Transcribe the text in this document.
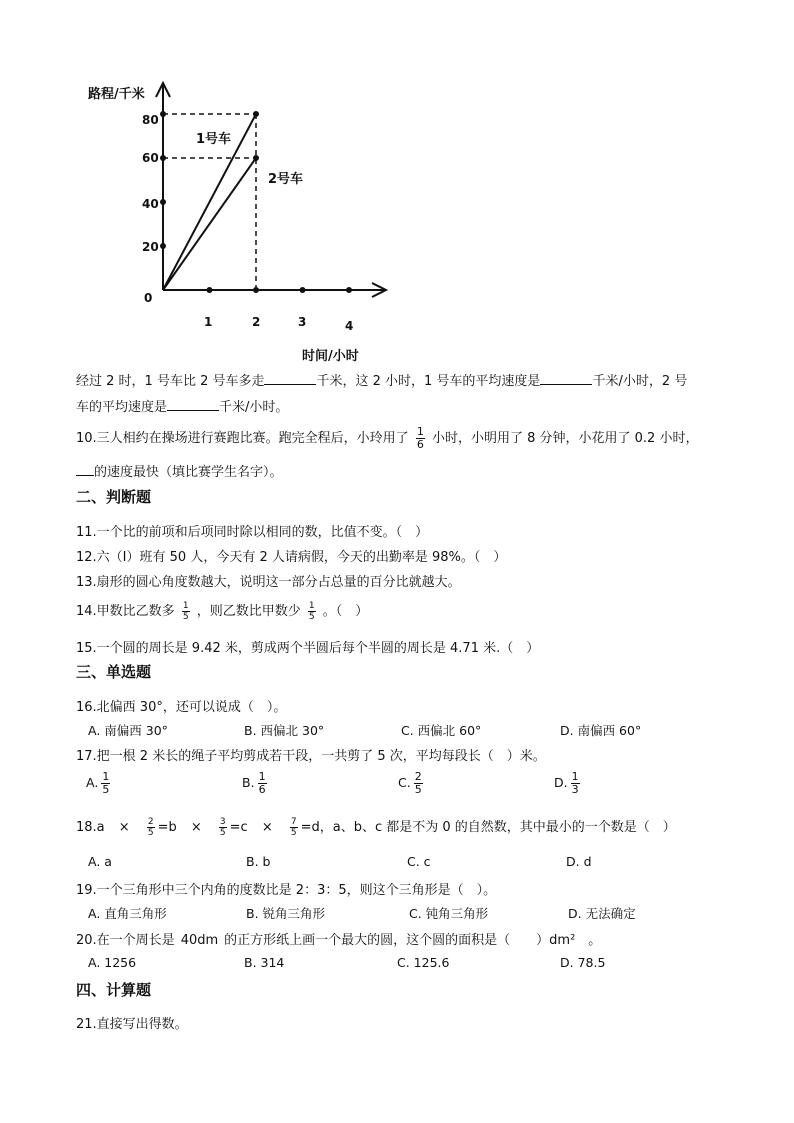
路程/千米
时间/小时
80
60
40
20
0
1	2	3	4
1号车
2号车
经过 2 时，1 号车比 2 号车多走	千米，这 2 小时，1 号车的平均速度是	千米/小时，2 号
车的平均速度是	千米/小时。
10.三人相约在操场进行赛跑比赛。跑完全程后，小玲用了 $\frac{1}{6}$ 小时，小明用了 8 分钟，小花用了 0.2 小时，
的速度最快（填比赛学生名字）。
二、判断题
11.一个比的前项和后项同时除以相同的数，比值不变。（　）
12.六（I）班有 50 人，今天有 2 人请病假，今天的出勤率是 98%。（　）
13.扇形的圆心角度数越大，说明这一部分占总量的百分比就越大。
14.甲数比乙数多 $\frac{1}{5}$ ，则乙数比甲数少 $\frac{1}{5}$ 。（　）
15.一个圆的周长是 9.42 米，剪成两个半圆后每个半圆的周长是 4.71 米.（　）
三、单选题
16.北偏西 30°，还可以说成（　）。
A. 南偏西 30°	B. 西偏北 30°	C. 西偏北 60°	D. 南偏西 60°
17.把一根 2 米长的绳子平均剪成若干段，一共剪了 5 次，平均每段长（　）米。
A. $\frac{1}{5}$	B. $\frac{1}{6}$	C. $\frac{2}{5}$	D. $\frac{1}{3}$
$18.a \times \frac{2}{5} =b \times \frac{3}{5} =c \times \frac{7}{5} =d$，a、b、c 都是不为 0 的自然数，其中最小的一个数是（　）
A. a	B. b	C. c	D. d
19.一个三角形中三个内角的度数比是 2：3：5，则这个三角形是（　）。
A. 直角三角形	B. 锐角三角形	C. 钝角三角形	D. 无法确定
20.在一个周长是 40dm 的正方形纸上画一个最大的圆，这个圆的面积是（　　）dm²　。
A. 1256	B. 314	C. 125.6	D. 78.5
四、计算题
21.直接写出得数。
